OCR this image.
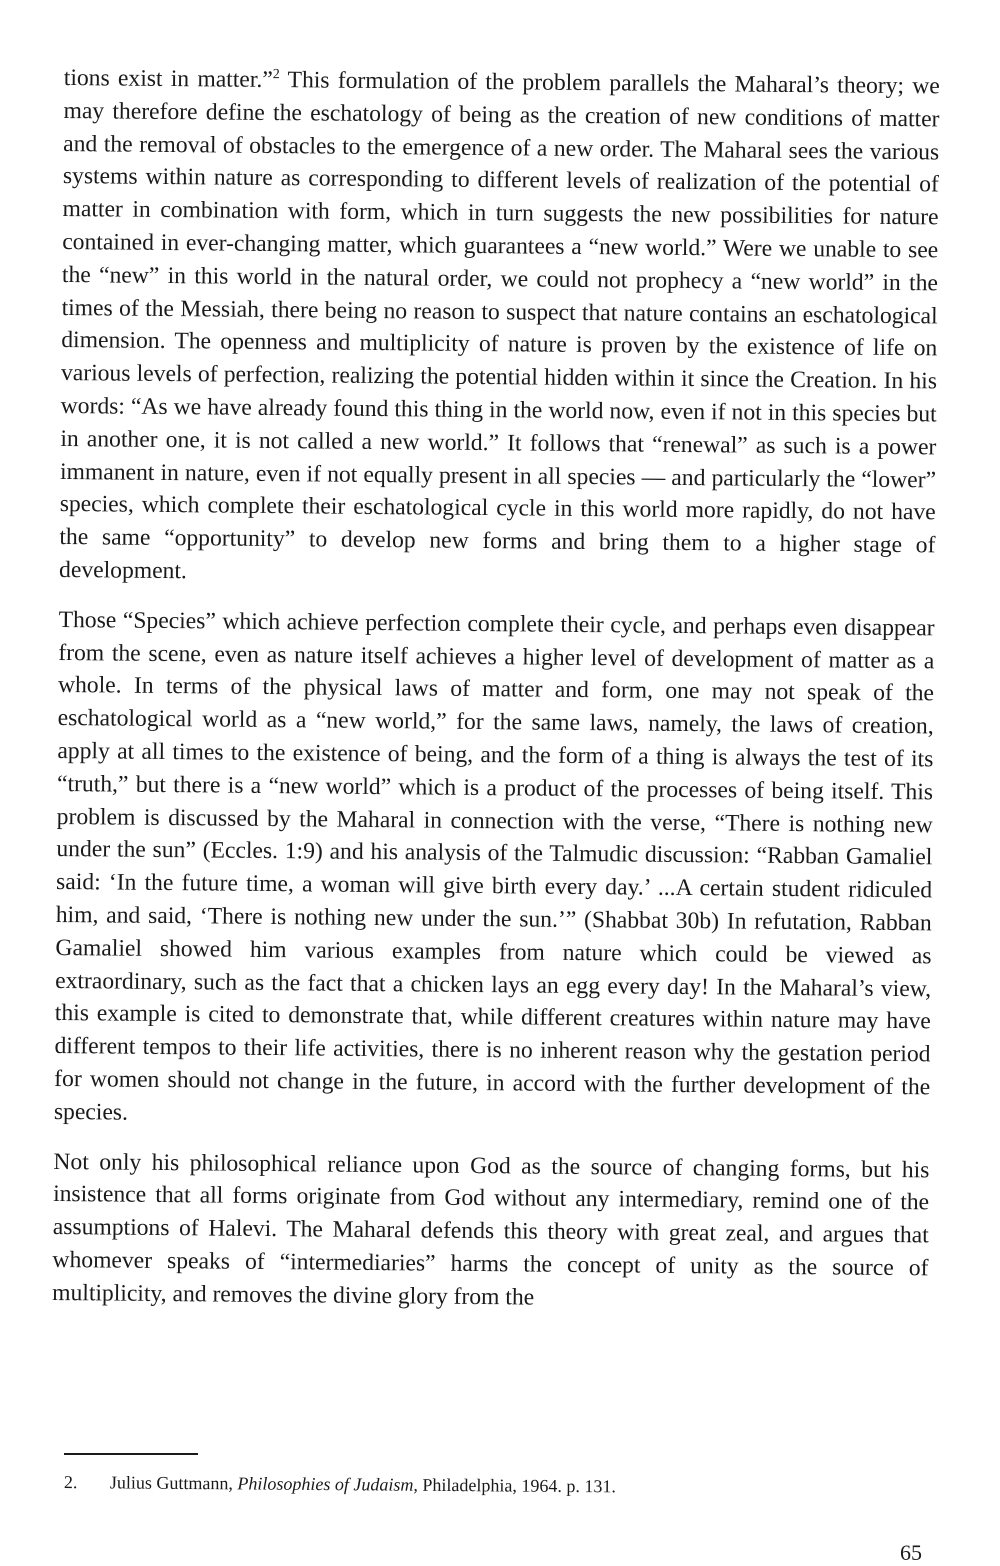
tions exist in matter.”$^2$ This formulation of the problem parallels the Maharal’s theory; we may therefore define the eschatology of being as the creation of new conditions of matter and the removal of obstacles to the emergence of a new order. The Maharal sees the various systems within nature as corresponding to different levels of realization of the potential of matter in combination with form, which in turn suggests the new possibilities for nature contained in ever-changing matter, which guarantees a “new world.” Were we unable to see the “new” in this world in the natural order, we could not prophecy a “new world” in the times of the Messiah, there being no reason to suspect that nature contains an eschatological dimension. The openness and multiplicity of nature is proven by the existence of life on various levels of perfection, realizing the potential hidden within it since the Creation. In his words: “As we have already found this thing in the world now, even if not in this species but in another one, it is not called a new world.” It follows that “renewal” as such is a power immanent in nature, even if not equally present in all species — and particularly the “lower” species, which complete their eschatological cycle in this world more rapidly, do not have the same “opportunity” to develop new forms and bring them to a higher stage of development.

Those “Species” which achieve perfection complete their cycle, and perhaps even disappear from the scene, even as nature itself achieves a higher level of development of matter as a whole. In terms of the physical laws of matter and form, one may not speak of the eschatological world as a “new world,” for the same laws, namely, the laws of creation, apply at all times to the existence of being, and the form of a thing is always the test of its “truth,” but there is a “new world” which is a product of the processes of being itself. This problem is discussed by the Maharal in connection with the verse, “There is nothing new under the sun” (Eccles. 1:9) and his analysis of the Talmudic discussion: “Rabban Gamaliel said: ‘In the future time, a woman will give birth every day.’ ...A certain student ridiculed him, and said, ‘There is nothing new under the sun.’” (Shabbat 30b) In refutation, Rabban Gamaliel showed him various examples from nature which could be viewed as extraordinary, such as the fact that a chicken lays an egg every day! In the Maharal’s view, this example is cited to demonstrate that, while different creatures within nature may have different tempos to their life activities, there is no inherent reason why the gestation period for women should not change in the future, in accord with the further development of the species.

Not only his philosophical reliance upon God as the source of changing forms, but his insistence that all forms originate from God without any intermediary, remind one of the assumptions of Halevi. The Maharal defends this theory with great zeal, and argues that whomever speaks of “intermediaries” harms the concept of unity as the source of multiplicity, and removes the divine glory from the

2. Julius Guttmann, Philosophies of Judaism, Philadelphia, 1964. p. 131.
65
